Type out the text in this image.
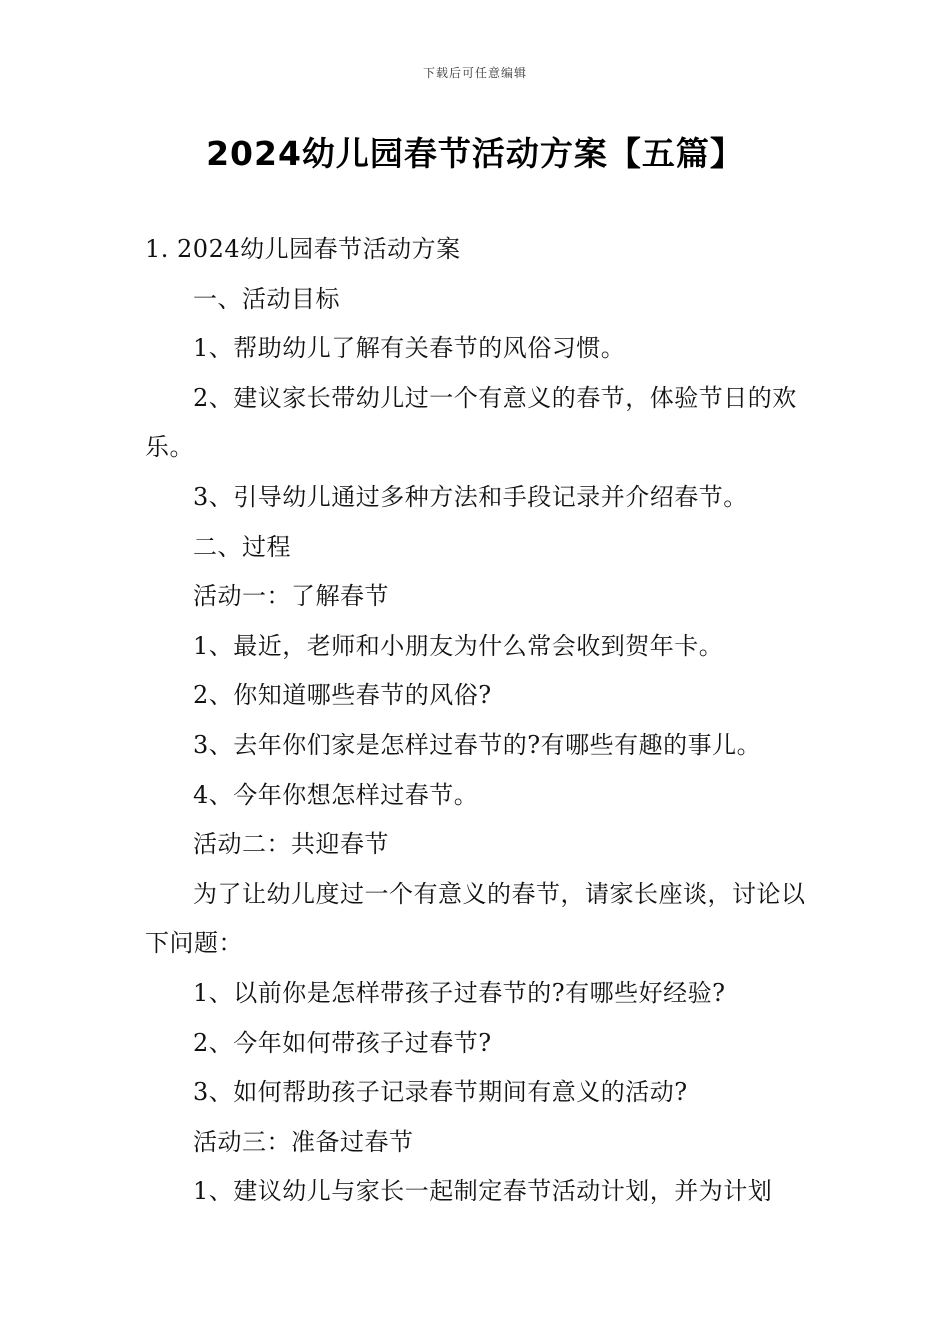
下载后可任意编辑
2024幼儿园春节活动方案【五篇】

1. 2024幼儿园春节活动方案

一、活动目标

1、帮助幼儿了解有关春节的风俗习惯。

2、建议家长带幼儿过一个有意义的春节，体验节日的欢乐。

3、引导幼儿通过多种方法和手段记录并介绍春节。

二、过程

活动一：了解春节

1、最近，老师和小朋友为什么常会收到贺年卡。

2、你知道哪些春节的风俗?

3、去年你们家是怎样过春节的?有哪些有趣的事儿。

4、今年你想怎样过春节。

活动二：共迎春节

为了让幼儿度过一个有意义的春节，请家长座谈，讨论以下问题：

1、以前你是怎样带孩子过春节的?有哪些好经验?

2、今年如何带孩子过春节?

3、如何帮助孩子记录春节期间有意义的活动?

活动三：准备过春节

1、建议幼儿与家长一起制定春节活动计划，并为计划
